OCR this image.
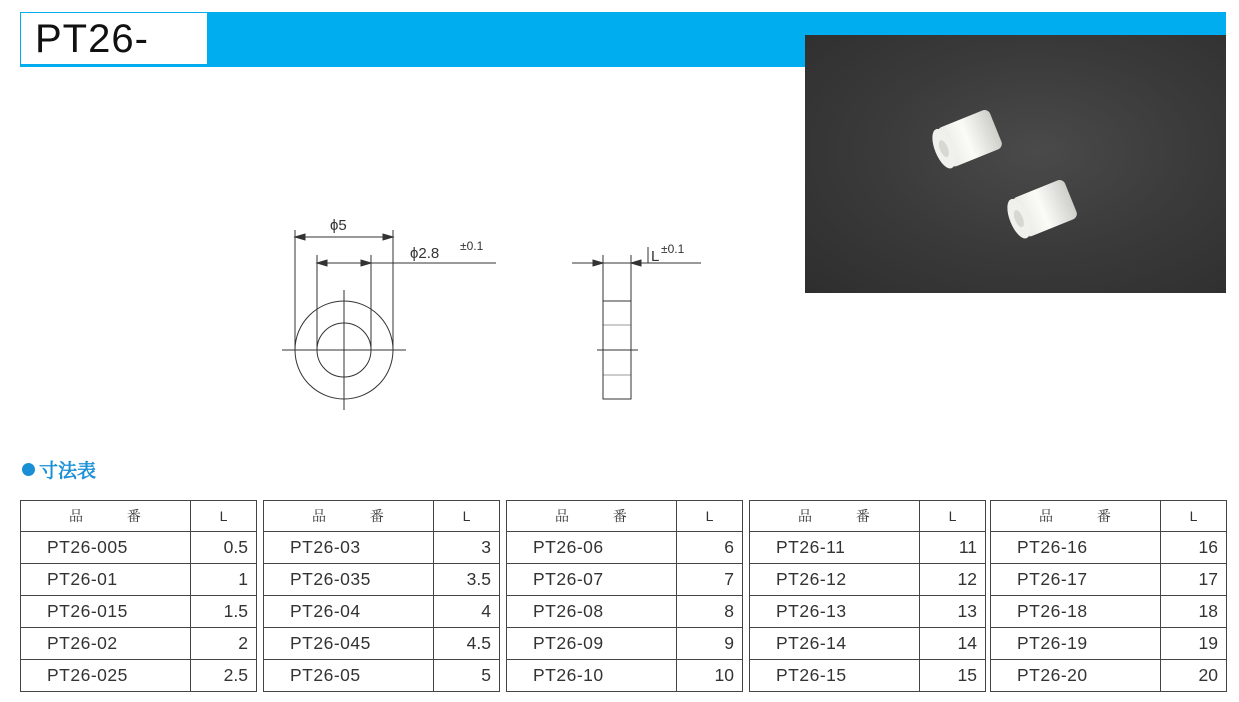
PT26-
ϕ5
ϕ2.8 ±0.1
L ±0.1
寸法表
品 番	L
PT26-005	0.5
PT26-01	1
PT26-015	1.5
PT26-02	2
PT26-025	2.5
品 番	L
PT26-03	3
PT26-035	3.5
PT26-04	4
PT26-045	4.5
PT26-05	5
品 番	L
PT26-06	6
PT26-07	7
PT26-08	8
PT26-09	9
PT26-10	10
品 番	L
PT26-11	11
PT26-12	12
PT26-13	13
PT26-14	14
PT26-15	15
品 番	L
PT26-16	16
PT26-17	17
PT26-18	18
PT26-19	19
PT26-20	20
